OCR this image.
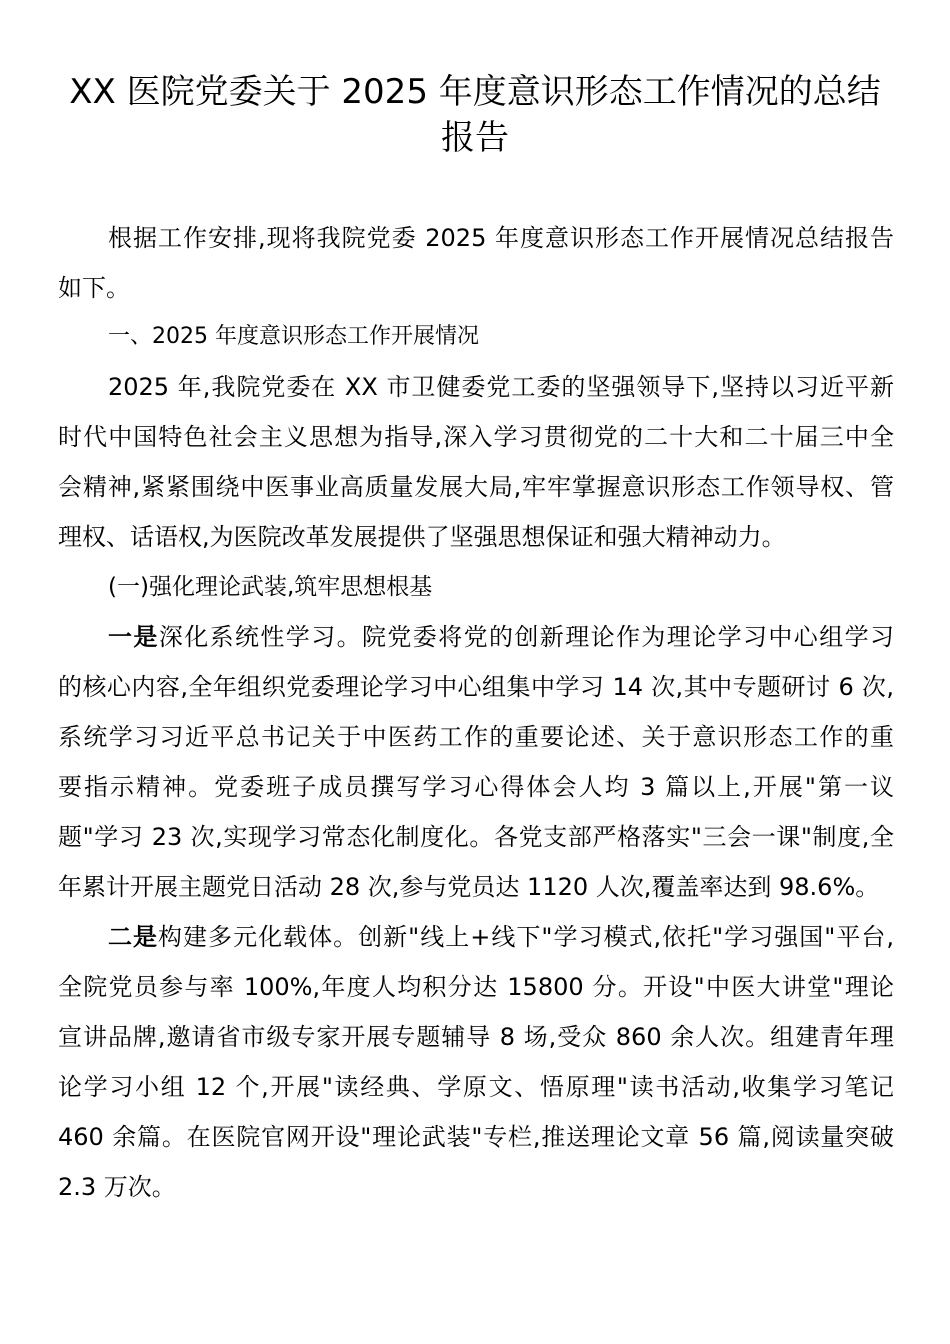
XX 医院党委关于 2025 年度意识形态工作情况的总结
报告
根据工作安排,现将我院党委 2025 年度意识形态工作开展情况总结报告
如下。
一、2025 年度意识形态工作开展情况
2025 年,我院党委在 XX 市卫健委党工委的坚强领导下,坚持以习近平新
时代中国特色社会主义思想为指导,深入学习贯彻党的二十大和二十届三中全
会精神,紧紧围绕中医事业高质量发展大局,牢牢掌握意识形态工作领导权、管
理权、话语权,为医院改革发展提供了坚强思想保证和强大精神动力。
(一)强化理论武装,筑牢思想根基
一是深化系统性学习。院党委将党的创新理论作为理论学习中心组学习
的核心内容,全年组织党委理论学习中心组集中学习 14 次,其中专题研讨 6 次,
系统学习习近平总书记关于中医药工作的重要论述、关于意识形态工作的重
要指示精神。党委班子成员撰写学习心得体会人均 3 篇以上,开展"第一议
题"学习 23 次,实现学习常态化制度化。各党支部严格落实"三会一课"制度,全
年累计开展主题党日活动 28 次,参与党员达 1120 人次,覆盖率达到 98.6%。
二是构建多元化载体。创新"线上+线下"学习模式,依托"学习强国"平台,
全院党员参与率 100%,年度人均积分达 15800 分。开设"中医大讲堂"理论
宣讲品牌,邀请省市级专家开展专题辅导 8 场,受众 860 余人次。组建青年理
论学习小组 12 个,开展"读经典、学原文、悟原理"读书活动,收集学习笔记
460 余篇。在医院官网开设"理论武装"专栏,推送理论文章 56 篇,阅读量突破
2.3 万次。
